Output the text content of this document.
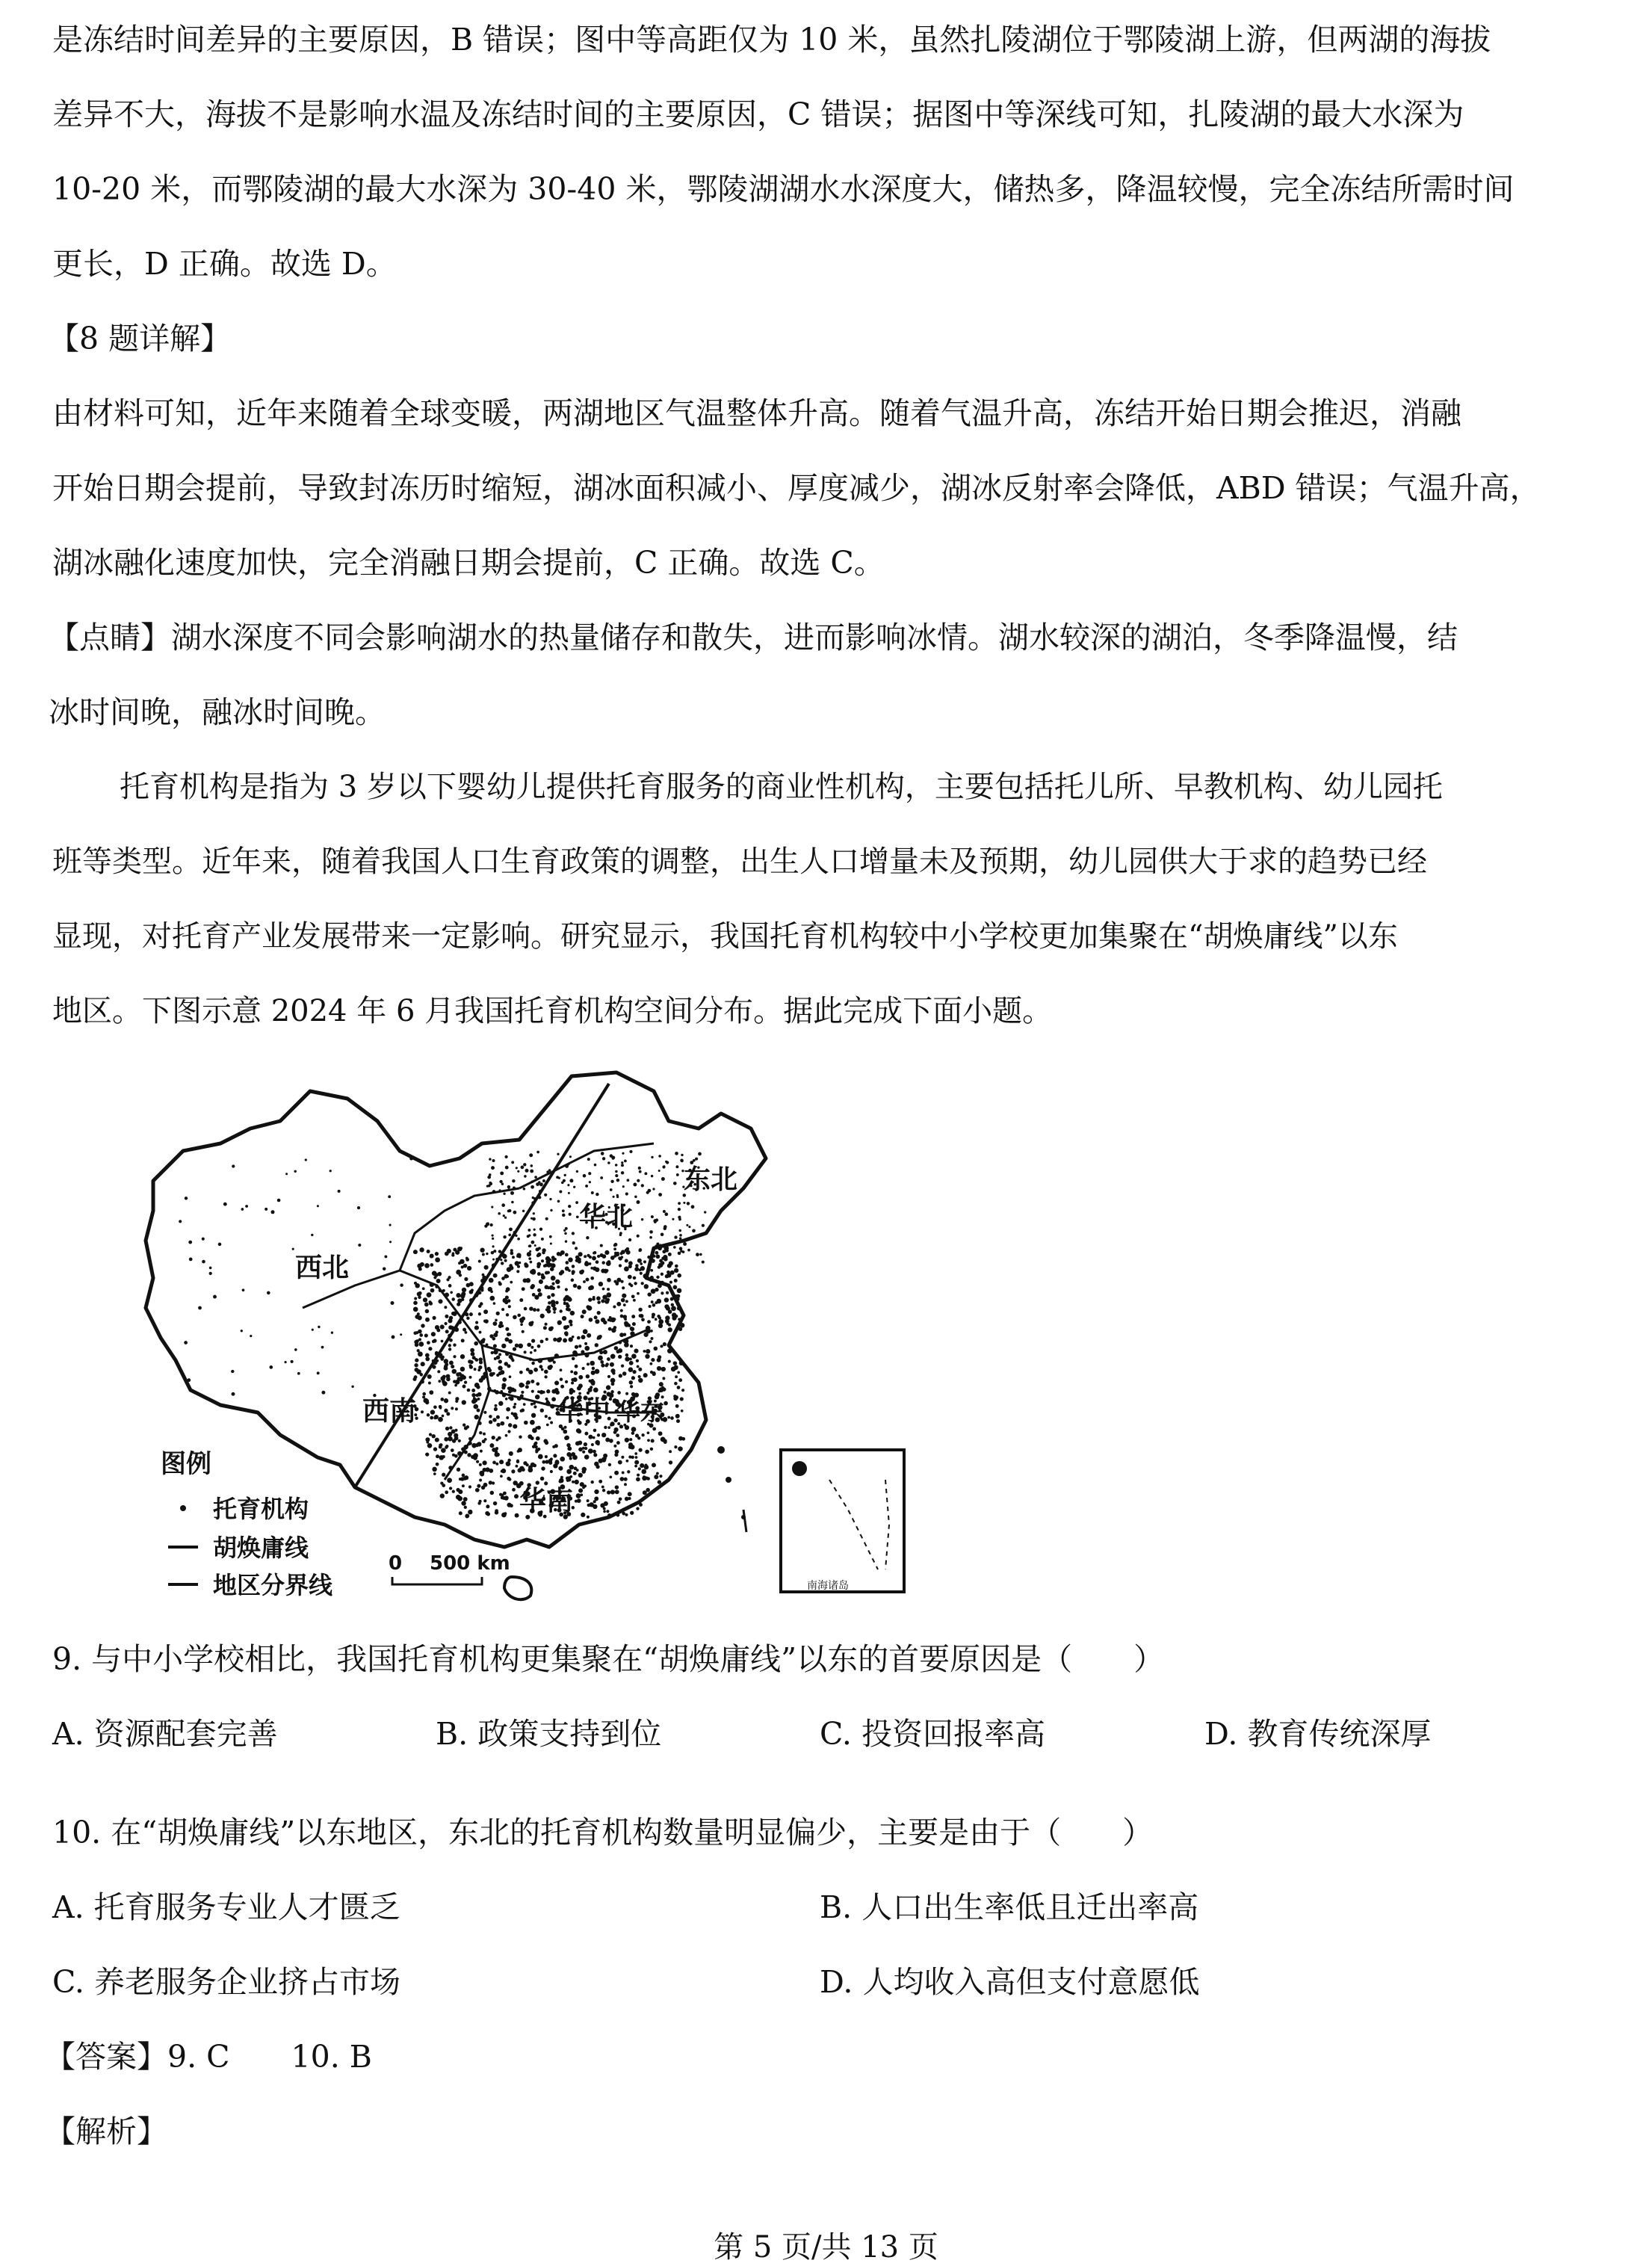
是冻结时间差异的主要原因，B 错误；图中等高距仅为 10 米，虽然扎陵湖位于鄂陵湖上游，但两湖的海拔
差异不大，海拔不是影响水温及冻结时间的主要原因，C 错误；据图中等深线可知，扎陵湖的最大水深为
10-20 米，而鄂陵湖的最大水深为 30-40 米，鄂陵湖湖水水深度大，储热多，降温较慢，完全冻结所需时间
更长，D 正确。故选 D。
【8 题详解】
由材料可知，近年来随着全球变暖，两湖地区气温整体升高。随着气温升高，冻结开始日期会推迟，消融
开始日期会提前，导致封冻历时缩短，湖冰面积减小、厚度减少，湖冰反射率会降低，ABD 错误；气温升高，
湖冰融化速度加快，完全消融日期会提前，C 正确。故选 C。
【点睛】湖水深度不同会影响湖水的热量储存和散失，进而影响冰情。湖水较深的湖泊，冬季降温慢，结
冰时间晚，融冰时间晚。
托育机构是指为 3 岁以下婴幼儿提供托育服务的商业性机构，主要包括托儿所、早教机构、幼儿园托
班等类型。近年来，随着我国人口生育政策的调整，出生人口增量未及预期，幼儿园供大于求的趋势已经
显现，对托育产业发展带来一定影响。研究显示，我国托育机构较中小学校更加集聚在“胡焕庸线”以东
地区。下图示意 2024 年 6 月我国托育机构空间分布。据此完成下面小题。
西北
华北
东北
西南	华中 华东
华南
图例
托育机构
胡焕庸线
地区分界线
0 500 km
南海诸岛
9. 与中小学校相比，我国托育机构更集聚在“胡焕庸线”以东的首要原因是（　　）
A. 资源配套完善	B. 政策支持到位	C. 投资回报率高	D. 教育传统深厚
10. 在“胡焕庸线”以东地区，东北的托育机构数量明显偏少，主要是由于（　　）
A. 托育服务专业人才匮乏	B. 人口出生率低且迁出率高
C. 养老服务企业挤占市场	D. 人均收入高但支付意愿低
【答案】9. C　　10. B
【解析】
第 5 页/共 13 页
